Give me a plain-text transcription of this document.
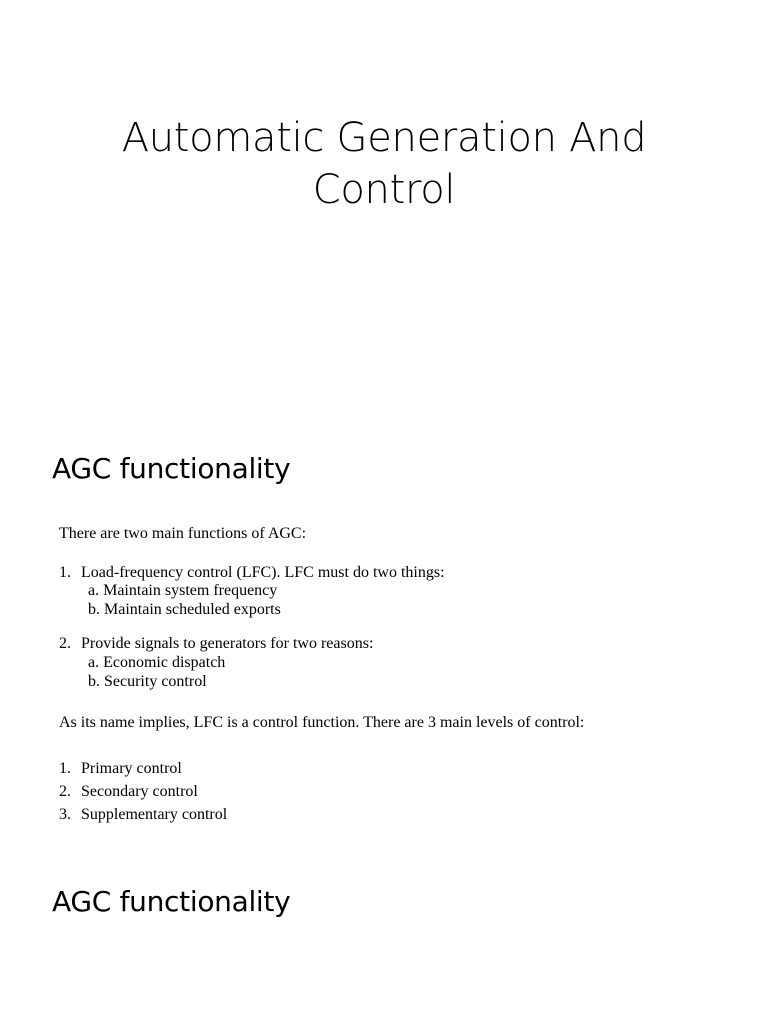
Automatic Generation And
Control
AGC functionality
There are two main functions of AGC:
1. Load-frequency control (LFC). LFC must do two things:
a. Maintain system frequency
b. Maintain scheduled exports
2. Provide signals to generators for two reasons:
a. Economic dispatch
b. Security control
As its name implies, LFC is a control function. There are 3 main levels of control:
1. Primary control
2. Secondary control
3. Supplementary control
AGC functionality
